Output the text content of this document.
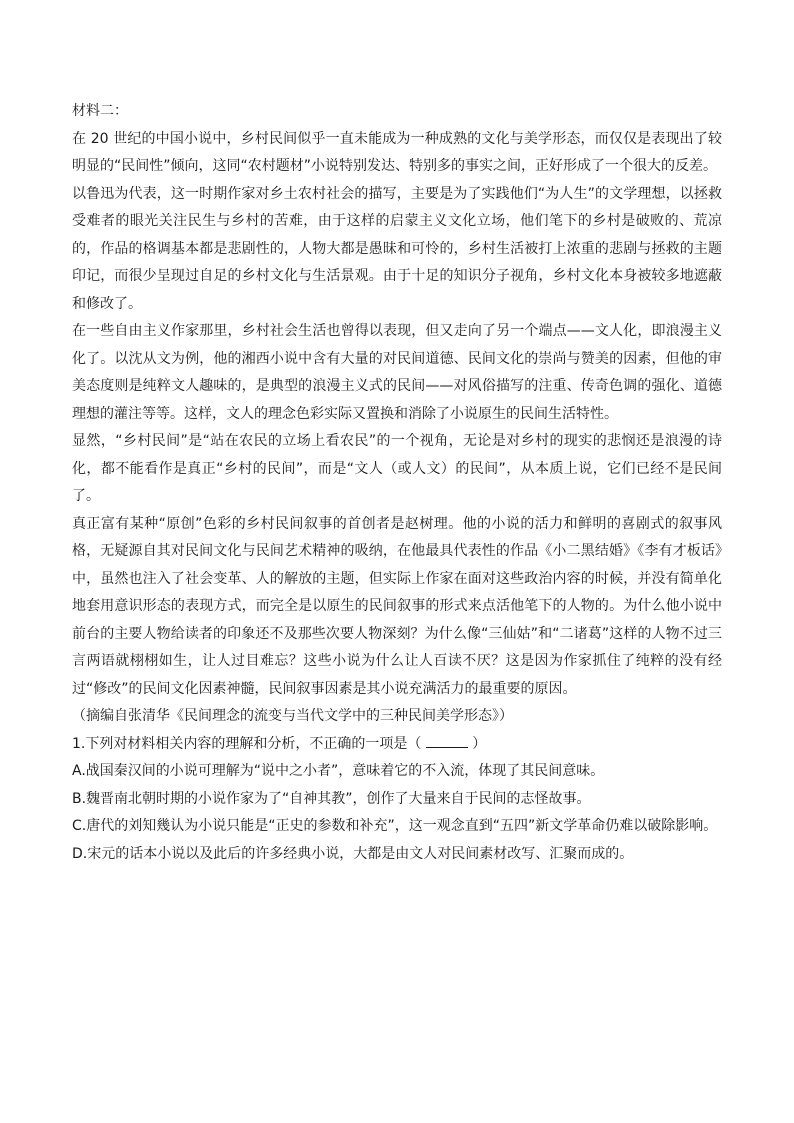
材料二：

在 20 世纪的中国小说中，乡村民间似乎一直未能成为一种成熟的文化与美学形态，而仅仅是表现出了较明显的“民间性”倾向，这同“农村题材”小说特别发达、特别多的事实之间，正好形成了一个很大的反差。

以鲁迅为代表，这一时期作家对乡土农村社会的描写，主要是为了实践他们“为人生”的文学理想，以拯救受难者的眼光关注民生与乡村的苦难，由于这样的启蒙主义文化立场，他们笔下的乡村是破败的、荒凉的，作品的格调基本都是悲剧性的，人物大都是愚昧和可怜的，乡村生活被打上浓重的悲剧与拯救的主题印记，而很少呈现过自足的乡村文化与生活景观。由于十足的知识分子视角，乡村文化本身被较多地遮蔽和修改了。

在一些自由主义作家那里，乡村社会生活也曾得以表现，但又走向了另一个端点——文人化，即浪漫主义化了。以沈从文为例，他的湘西小说中含有大量的对民间道德、民间文化的崇尚与赞美的因素，但他的审美态度则是纯粹文人趣味的，是典型的浪漫主义式的民间——对风俗描写的注重、传奇色调的强化、道德理想的灌注等等。这样，文人的理念色彩实际又置换和消除了小说原生的民间生活特性。

显然，“乡村民间”是“站在农民的立场上看农民”的一个视角，无论是对乡村的现实的悲悯还是浪漫的诗化，都不能看作是真正“乡村的民间”，而是“文人（或人文）的民间”，从本质上说，它们已经不是民间了。

真正富有某种“原创”色彩的乡村民间叙事的首创者是赵树理。他的小说的活力和鲜明的喜剧式的叙事风格，无疑源自其对民间文化与民间艺术精神的吸纳，在他最具代表性的作品《小二黑结婚》《李有才板话》中，虽然也注入了社会变革、人的解放的主题，但实际上作家在面对这些政治内容的时候，并没有简单化地套用意识形态的表现方式，而完全是以原生的民间叙事的形式来点活他笔下的人物的。为什么他小说中前台的主要人物给读者的印象还不及那些次要人物深刻？为什么像“三仙姑”和“二诸葛”这样的人物不过三言两语就栩栩如生，让人过目难忘？这些小说为什么让人百读不厌？这是因为作家抓住了纯粹的没有经过“修改”的民间文化因素神髓，民间叙事因素是其小说充满活力的最重要的原因。

（摘编自张清华《民间理念的流变与当代文学中的三种民间美学形态》）

1.下列对材料相关内容的理解和分析，不正确的一项是（	）

A.战国秦汉间的小说可理解为“说中之小者”，意味着它的不入流，体现了其民间意味。

B.魏晋南北朝时期的小说作家为了“自神其教”，创作了大量来自于民间的志怪故事。

C.唐代的刘知幾认为小说只能是“正史的参数和补充”，这一观念直到“五四”新文学革命仍难以破除影响。

D.宋元的话本小说以及此后的许多经典小说，大都是由文人对民间素材改写、汇聚而成的。
